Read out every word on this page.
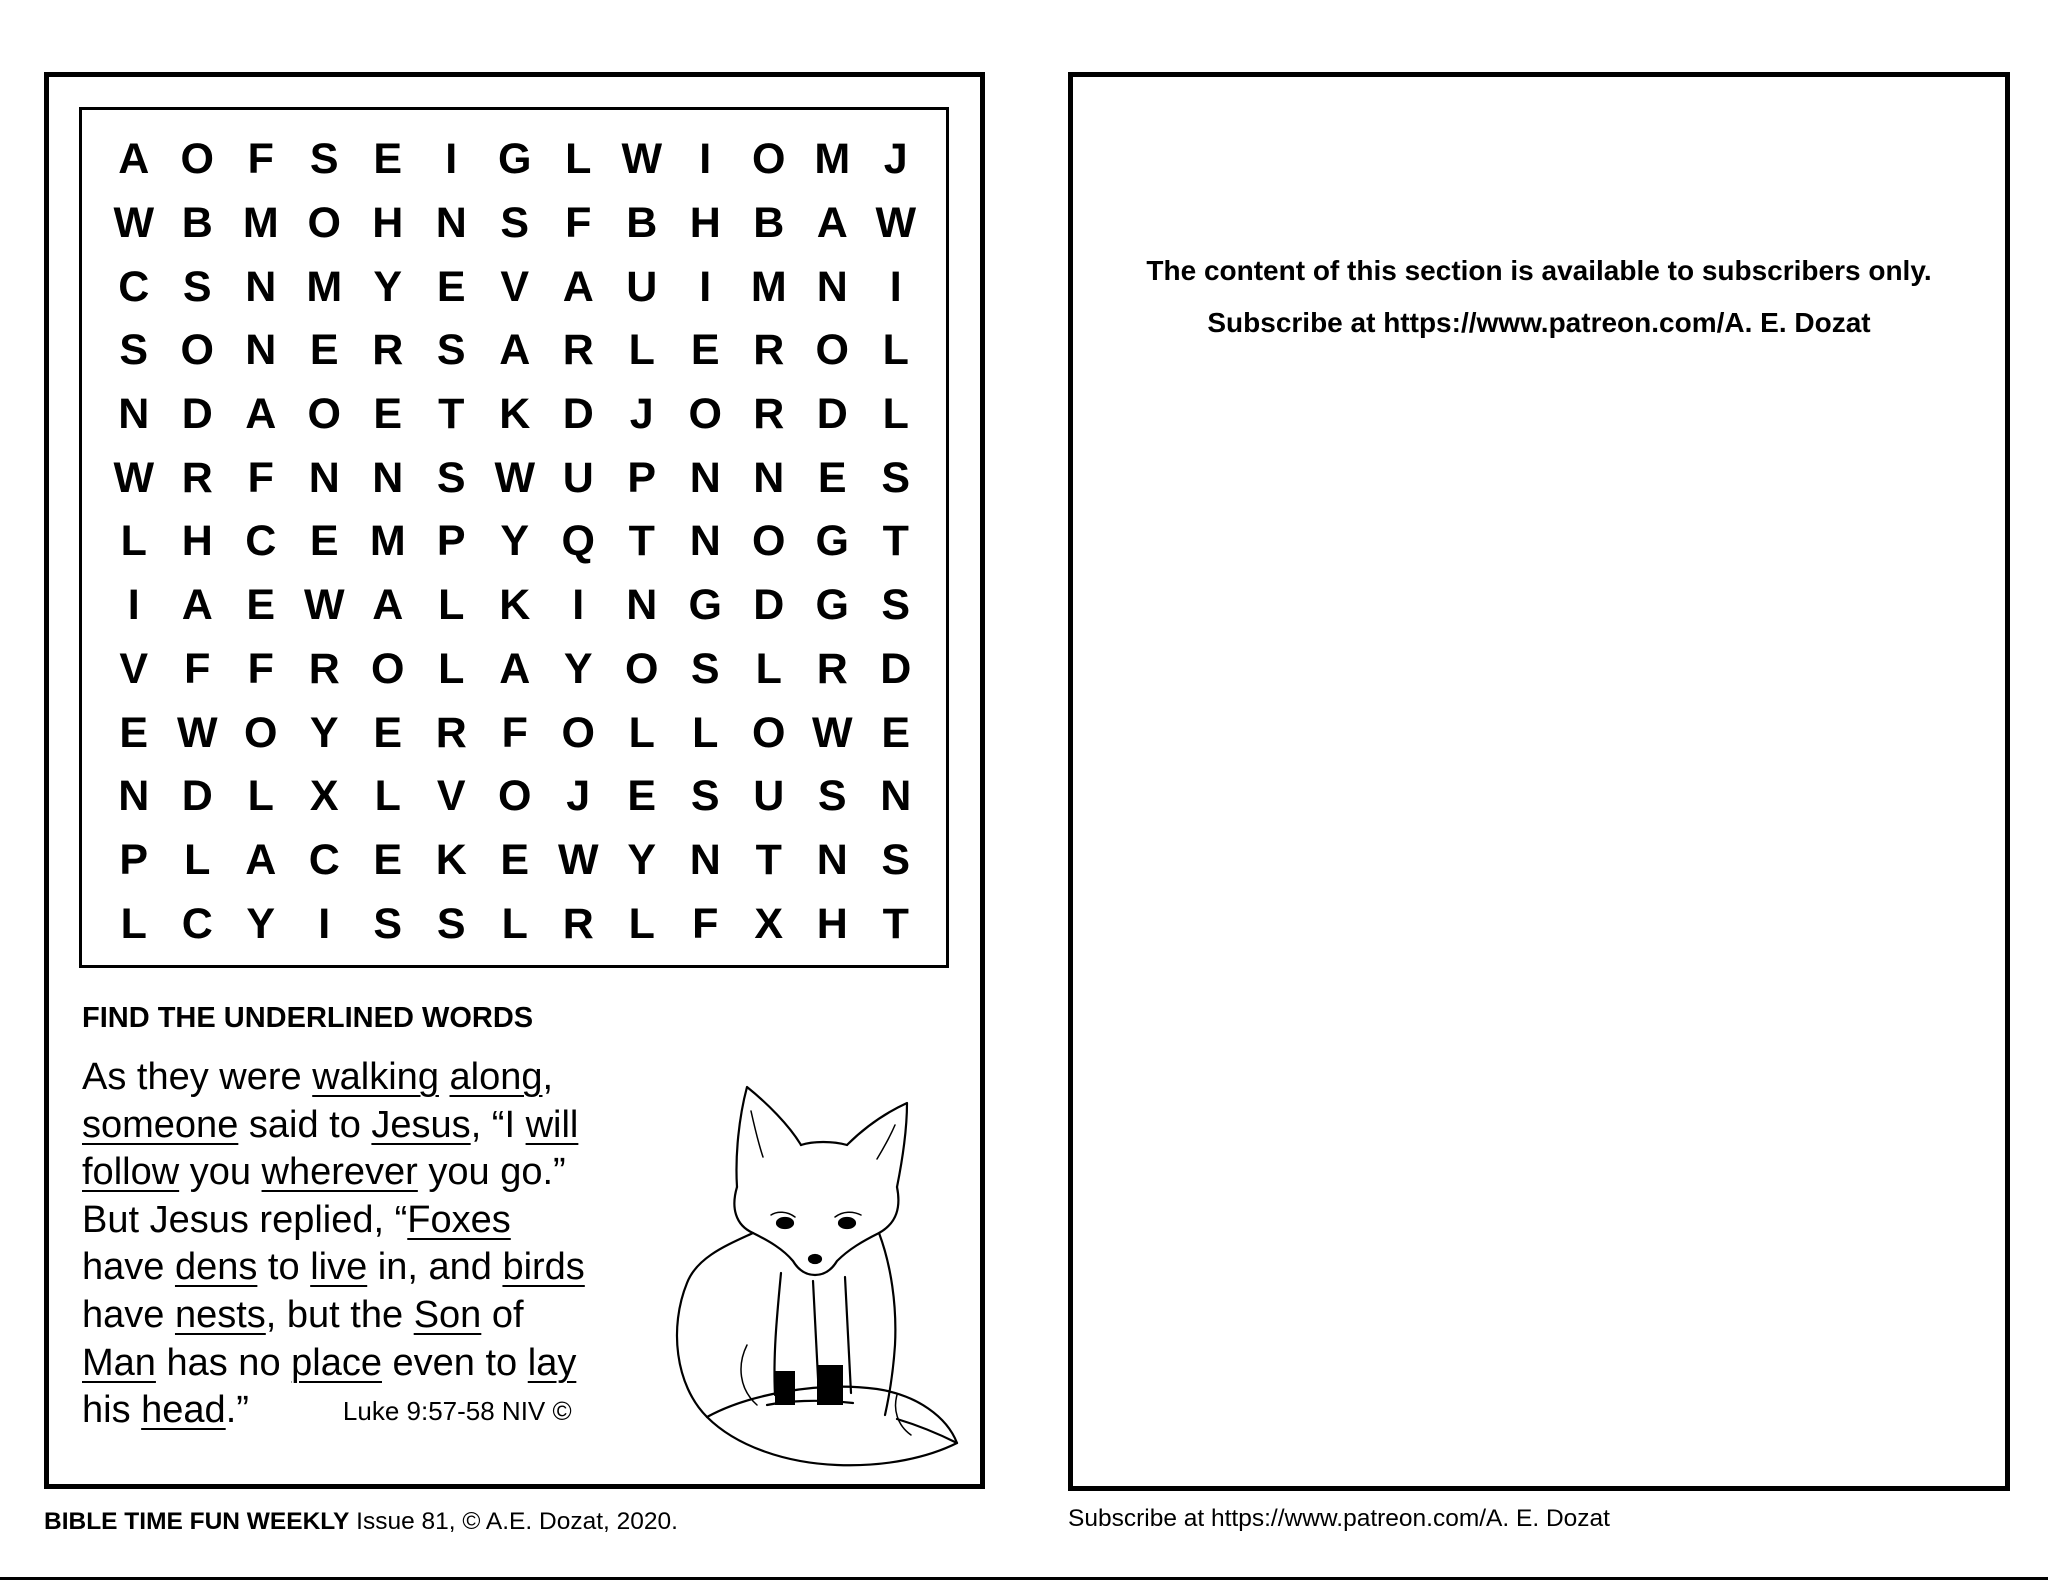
A O F S E	I G L W I O M J
W B M O H N S F B H B A W
C S N M Y E V A U I M N I
S O N E R S A R L E R O L
N D A O E T K D J O R D L
W R F N N S W U P N N E S
L H C E M P Y Q T N O G T
I A E W A L K I N G D G S
V F F R O L A Y O S L R D
E W O Y E R F O L L O W E
N D L X L V O J E S U S N
P L A C E K E W Y N T N S
L C Y	I	S S L R L F X H T
FIND THE UNDERLINED WORDS
As they were walking along,
someone said to Jesus, “I will
follow you wherever you go.”
But Jesus replied, “Foxes
have dens to live in, and birds
have nests, but the Son of
Man has no place even to lay
his head.”	Luke 9:57-58 NIV ©
The content of this section is available to subscribers only.
Subscribe at https://www.patreon.com/A. E. Dozat
BIBLE TIME FUN WEEKLY Issue 81, © A.E. Dozat, 2020.	Subscribe at https://www.patreon.com/A. E. Dozat
